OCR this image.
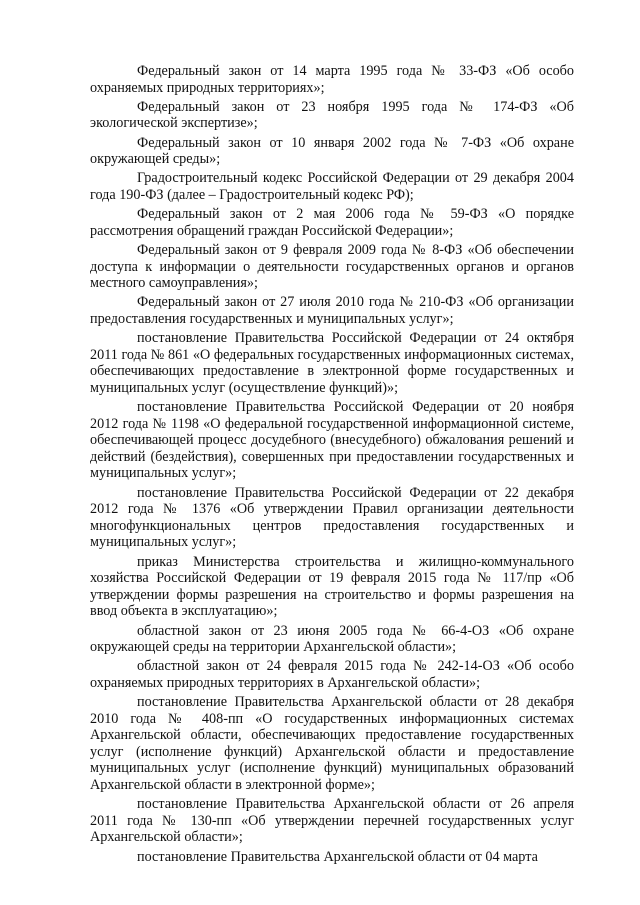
Федеральный закон от 14 марта 1995 года № 33-ФЗ «Об особо охраняемых природных территориях»;

Федеральный закон от 23 ноября 1995 года № 174-ФЗ «Об экологической экспертизе»;

Федеральный закон от 10 января 2002 года № 7-ФЗ «Об охране окружающей среды»;

Градостроительный кодекс Российской Федерации от 29 декабря 2004 года 190-ФЗ (далее – Градостроительный кодекс РФ);

Федеральный закон от 2 мая 2006 года № 59-ФЗ «О порядке рассмотрения обращений граждан Российской Федерации»;

Федеральный закон от 9 февраля 2009 года № 8-ФЗ «Об обеспечении доступа к информации о деятельности государственных органов и органов местного самоуправления»;

Федеральный закон от 27 июля 2010 года № 210-ФЗ «Об организации предоставления государственных и муниципальных услуг»;

постановление Правительства Российской Федерации от 24 октября 2011 года № 861 «О федеральных государственных информационных системах, обеспечивающих предоставление в электронной форме государственных и муниципальных услуг (осуществление функций)»;

постановление Правительства Российской Федерации от 20 ноября 2012 года № 1198 «О федеральной государственной информационной системе, обеспечивающей процесс досудебного (внесудебного) обжалования решений и действий (бездействия), совершенных при предоставлении государственных и муниципальных услуг»;

постановление Правительства Российской Федерации от 22 декабря 2012 года № 1376 «Об утверждении Правил организации деятельности многофункциональных центров предоставления государственных и муниципальных услуг»;

приказ Министерства строительства и жилищно-коммунального хозяйства Российской Федерации от 19 февраля 2015 года № 117/пр «Об утверждении формы разрешения на строительство и формы разрешения на ввод объекта в эксплуатацию»;

областной закон от 23 июня 2005 года № 66-4-ОЗ «Об охране окружающей среды на территории Архангельской области»;

областной закон от 24 февраля 2015 года № 242-14-ОЗ «Об особо охраняемых природных территориях в Архангельской области»;

постановление Правительства Архангельской области от 28 декабря 2010 года № 408-пп «О государственных информационных системах Архангельской области, обеспечивающих предоставление государственных услуг (исполнение функций) Архангельской области и предоставление муниципальных услуг (исполнение функций) муниципальных образований Архангельской области в электронной форме»;

постановление Правительства Архангельской области от 26 апреля 2011 года № 130-пп «Об утверждении перечней государственных услуг Архангельской области»;

постановление Правительства Архангельской области от 04 марта
